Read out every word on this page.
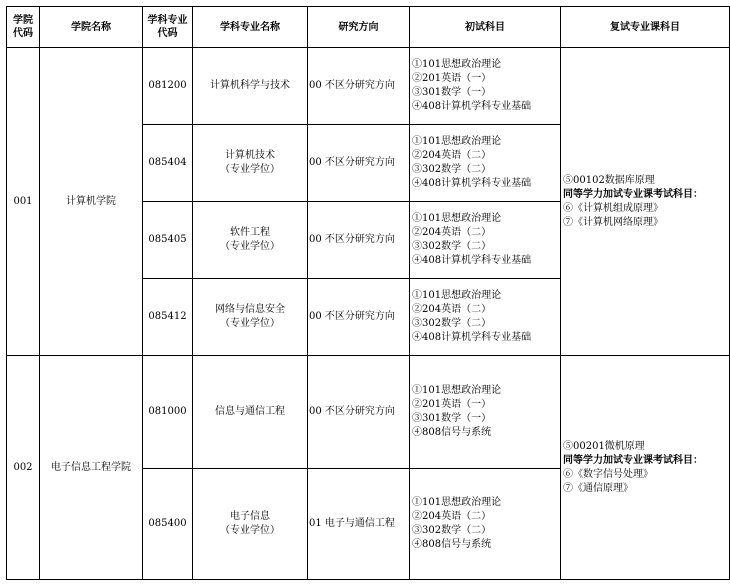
学院
代码	学院名称	学科专业
代码	学科专业名称	研究方向	初试科目	复试专业课科目
001	计算机学院	081200	计算机科学与技术	00 不区分研究方向	①101思想政治理论
②201英语（一）
③301数学（一）
④408计算机学科专业基础	⑤00102数据库原理
同等学力加试专业课考试科目：
⑥《计算机组成原理》
⑦《计算机网络原理》

		085404	计算机技术
（专业学位）	00 不区分研究方向	①101思想政治理论
②204英语（二）
③302数学（二）
④408计算机学科专业基础	

		085405	软件工程
（专业学位）	00 不区分研究方向	①101思想政治理论
②204英语（二）
③302数学（二）
④408计算机学科专业基础	

		085412	网络与信息安全
（专业学位）	00 不区分研究方向	①101思想政治理论
②204英语（二）
③302数学（二）
④408计算机学科专业基础	

002	电子信息工程学院	081000	信息与通信工程	00 不区分研究方向	①101思想政治理论
②201英语（一）
③301数学（一）
④808信号与系统	⑤00201微机原理
同等学力加试专业课考试科目：
⑥《数字信号处理》
⑦《通信原理》

		085400	电子信息
（专业学位）	01 电子与通信工程	①101思想政治理论
②204英语（二）
③302数学（二）
④808信号与系统	
